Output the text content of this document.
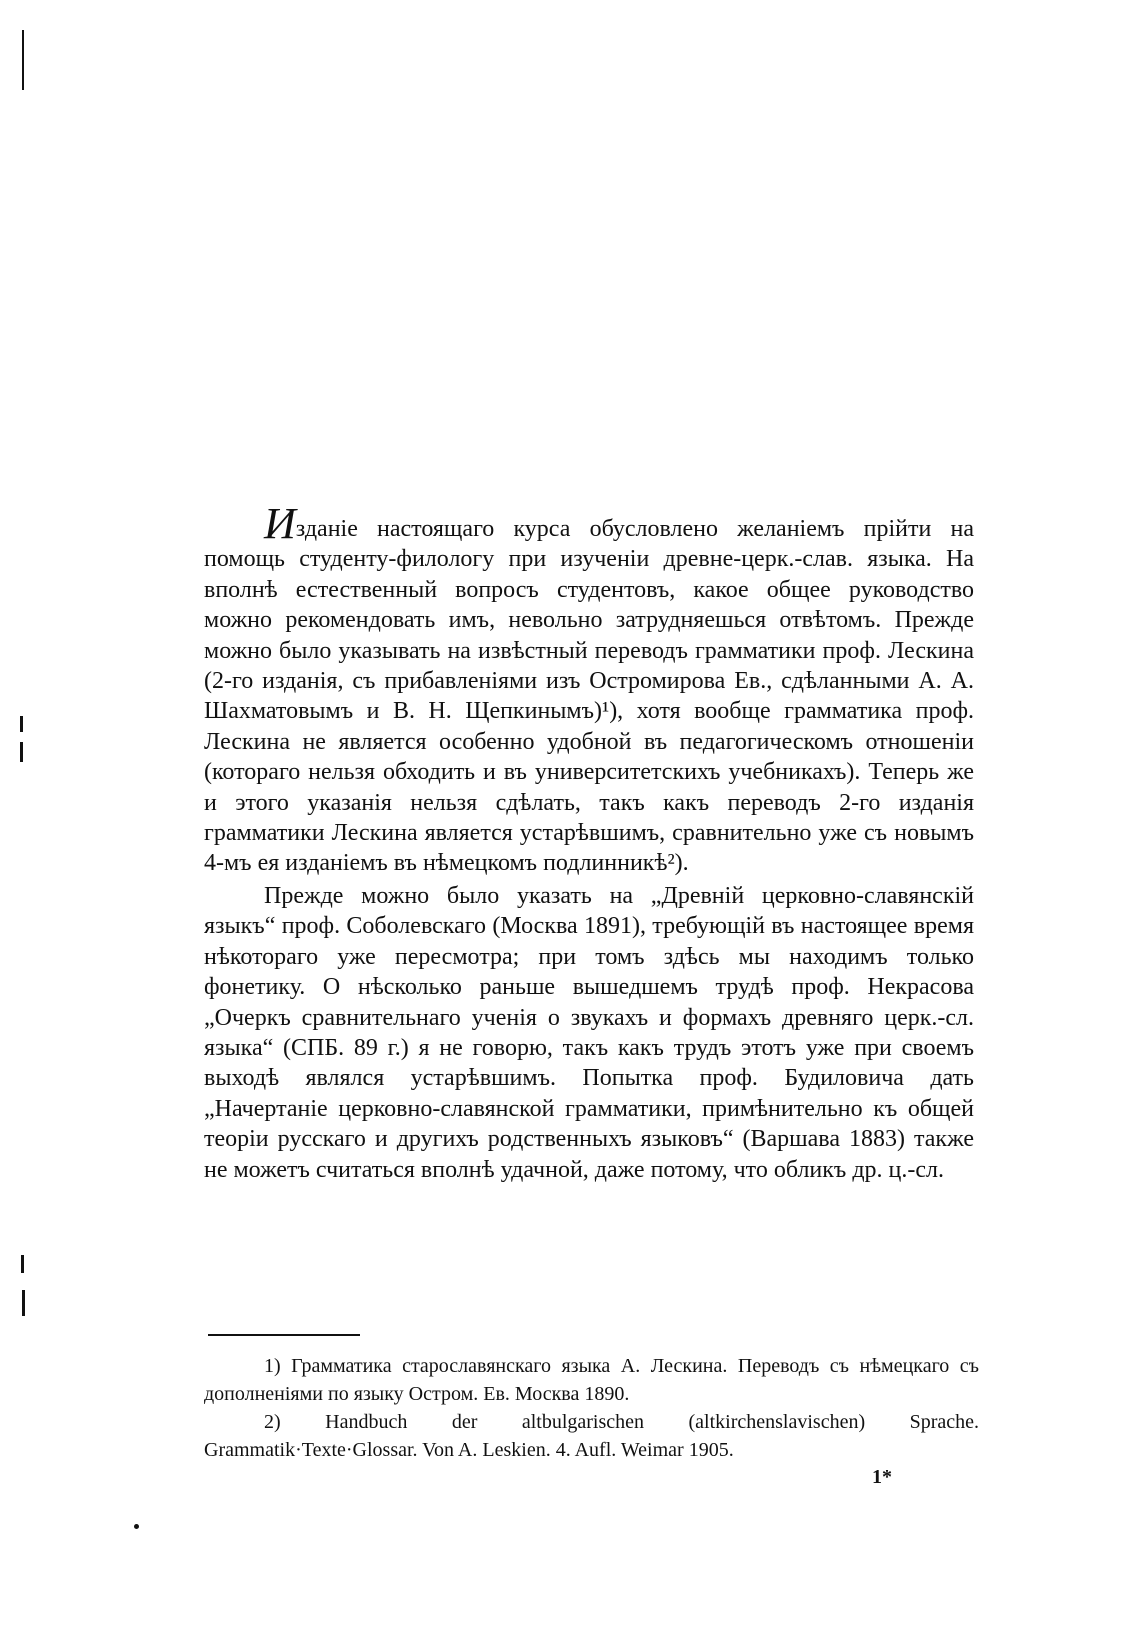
Изданіе настоящаго курса обусловлено желаніемъ прійти на помощь студенту-филологу при изученіи древне-церк.-слав. языка. На вполнѣ естественный вопросъ студентовъ, какое общее руководство можно рекомендовать имъ, невольно затрудняешься отвѣтомъ. Прежде можно было указывать на извѣстный переводъ грамматики проф. Лескина (2-го изданія, съ прибавленіями изъ Остромирова Ев., сдѣланными А. А. Шахматовымъ и В. Н. Щепкинымъ)¹), хотя вообще грамматика проф. Лескина не является особенно удобной въ педагогическомъ отношеніи (котораго нельзя обходить и въ университетскихъ учебникахъ). Теперь же и этого указанія нельзя сдѣлать, такъ какъ переводъ 2-го изданія грамматики Лескина является устарѣвшимъ, сравнительно уже съ новымъ 4-мъ ея изданіемъ въ нѣмецкомъ подлинникѣ²).

Прежде можно было указать на „Древній церковно-славянскій языкъ“ проф. Соболевскаго (Москва 1891), требующій въ настоящее время нѣкотораго уже пересмотра; при томъ здѣсь мы находимъ только фонетику. О нѣсколько раньше вышедшемъ трудѣ проф. Некрасова „Очеркъ сравнительнаго ученія о звукахъ и формахъ древняго церк.-сл. языка“ (СПБ. 89 г.) я не говорю, такъ какъ трудъ этотъ уже при своемъ выходѣ являлся устарѣвшимъ. Попытка проф. Будиловича дать „Начертаніе церковно-славянской грамматики, примѣнительно къ общей теоріи русскаго и другихъ родственныхъ языковъ“ (Варшава 1883) также не можетъ считаться вполнѣ удачной, даже потому, что обликъ др. ц.-сл.

1) Грамматика старославянскаго языка А. Лескина. Переводъ съ нѣмецкаго съ дополненіями по языку Остром. Ев. Москва 1890.

2) Handbuch der altbulgarischen (altkirchenslavischen) Sprache. Grammatik·Texte·Glossar. Von A. Leskien. 4. Aufl. Weimar 1905.

1*
